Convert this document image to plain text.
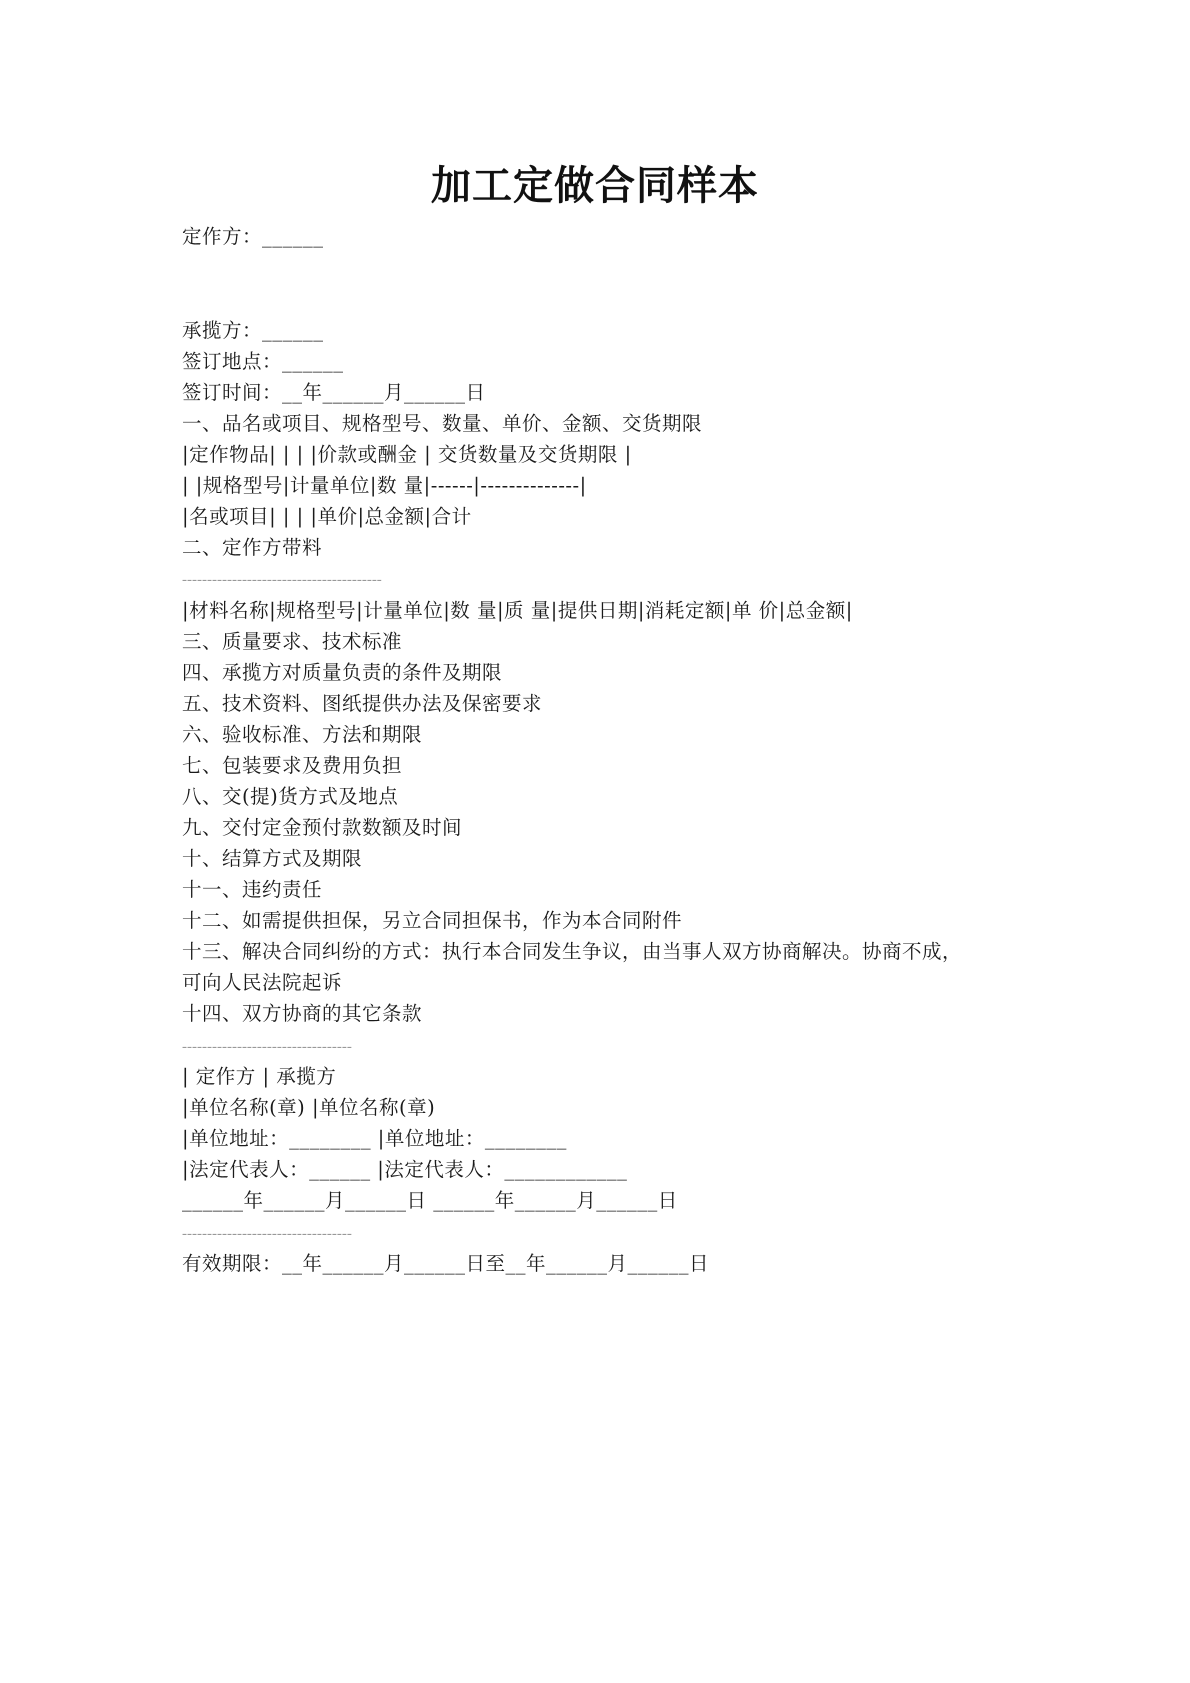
加工定做合同样本
定作方：______
承揽方：______
签订地点：______
签订时间：__年______月______日
一、品名或项目、规格型号、数量、单价、金额、交货期限
|定作物品| | | |价款或酬金 | 交货数量及交货期限 |
| |规格型号|计量单位|数 量|------|--------------|
|名或项目| | | |单价|总金额|合计
二、定作方带料
----------------------------------------
|材料名称|规格型号|计量单位|数 量|质 量|提供日期|消耗定额|单 价|总金额|
三、质量要求、技术标准
四、承揽方对质量负责的条件及期限
五、技术资料、图纸提供办法及保密要求
六、验收标准、方法和期限
七、包装要求及费用负担
八、交(提)货方式及地点
九、交付定金预付款数额及时间
十、结算方式及期限
十一、违约责任
十二、如需提供担保，另立合同担保书，作为本合同附件
十三、解决合同纠纷的方式：执行本合同发生争议，由当事人双方协商解决。协商不成，
可向人民法院起诉
十四、双方协商的其它条款
----------------------------------
| 定作方 | 承揽方
|单位名称(章) |单位名称(章)
|单位地址：________ |单位地址：________
|法定代表人：______ |法定代表人：____________
______年______月______日 ______年______月______日
----------------------------------
有效期限：__年______月______日至__年______月______日
